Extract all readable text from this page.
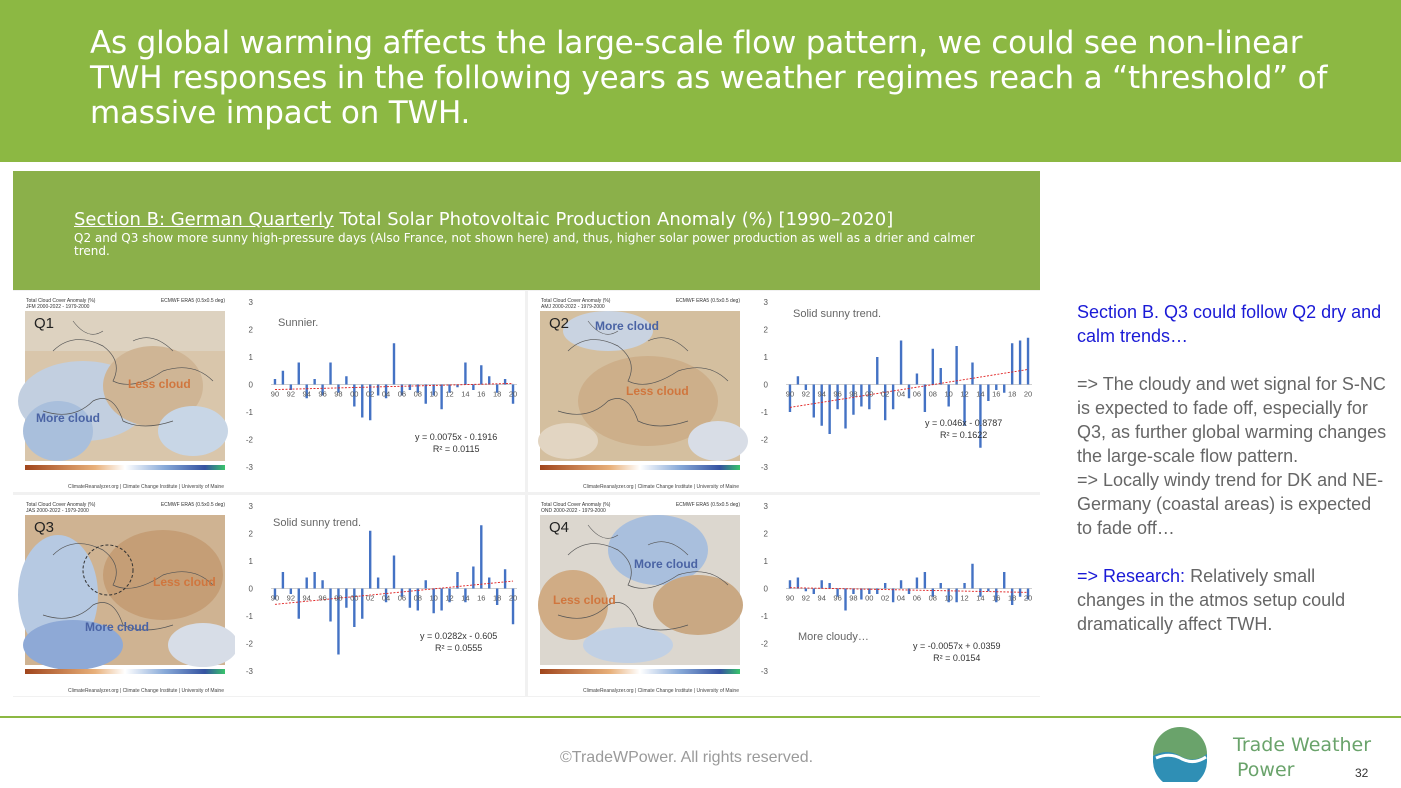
As global warming affects the large-scale flow pattern, we could see non-linear TWH responses in the following years as weather regimes reach a “threshold” of massive impact on TWH.
Section B: German Quarterly Total Solar Photovoltaic Production Anomaly (%) [1990–2020]
Q2 and Q3 show more sunny high-pressure days (Also France, not shown here) and, thus, higher solar power production as well as a drier and calmer trend.
Total Cloud Cover Anomaly (%)
JFM 2000-2022 - 1979-2000
ECMWF ERA5 (0.5x0.5 deg)
Q1
Less cloud
More cloud
ClimateReanalyzer.org | Climate Change Institute | University of Maine
3
2
1
0
-1
-2
-3
90 92 94 96 98 00 02 04 06 08 10 12 14 16 18 20
Sunnier.
y = 0.0075x - 0.1916
R² = 0.0115
Total Cloud Cover Anomaly (%)
AMJ 2000-2022 - 1979-2000
ECMWF ERA5 (0.5x0.5 deg)
Q2 More cloud
Less cloud
ClimateReanalyzer.org | Climate Change Institute | University of Maine
3
2
1
0
-1
-2
-3
90 92 94 96 98 00 02 04 06 08 10 12 14 16 18 20
Solid sunny trend.
y = 0.046x - 0.8787
R² = 0.1622
Total Cloud Cover Anomaly (%)
JAS 2000-2022 - 1979-2000
ECMWF ERA5 (0.5x0.5 deg)
Q3
Less cloud
More cloud
ClimateReanalyzer.org | Climate Change Institute | University of Maine
3
2
1
0
-1
-2
-3
90 92 94 96 98 00 02 04 06 08 10 12 14 16 18 20
Solid sunny trend.
y = 0.0282x - 0.605
R² = 0.0555
Total Cloud Cover Anomaly (%)
OND 2000-2022 - 1979-2000
ECMWF ERA5 (0.5x0.5 deg)
Q4
More cloud
Less cloud
ClimateReanalyzer.org | Climate Change Institute | University of Maine
3
2
1
0
-1
-2
-3
90 92 94 96 98 00 02 04 06 08 10 12 14 16 18 20
More cloudy…
y = -0.0057x + 0.0359
R² = 0.0154

Section B. Q3 could follow Q2 dry and calm trends…

=> The cloudy and wet signal for S-NC is expected to fade off, especially for Q3, as further global warming changes the large-scale flow pattern.

=> Locally windy trend for DK and NE-Germany (coastal areas) is expected to fade off…

=> Research: Relatively small changes in the atmos setup could dramatically affect TWH.

©TradeWPower. All rights reserved.
Trade Weather
Power	32
